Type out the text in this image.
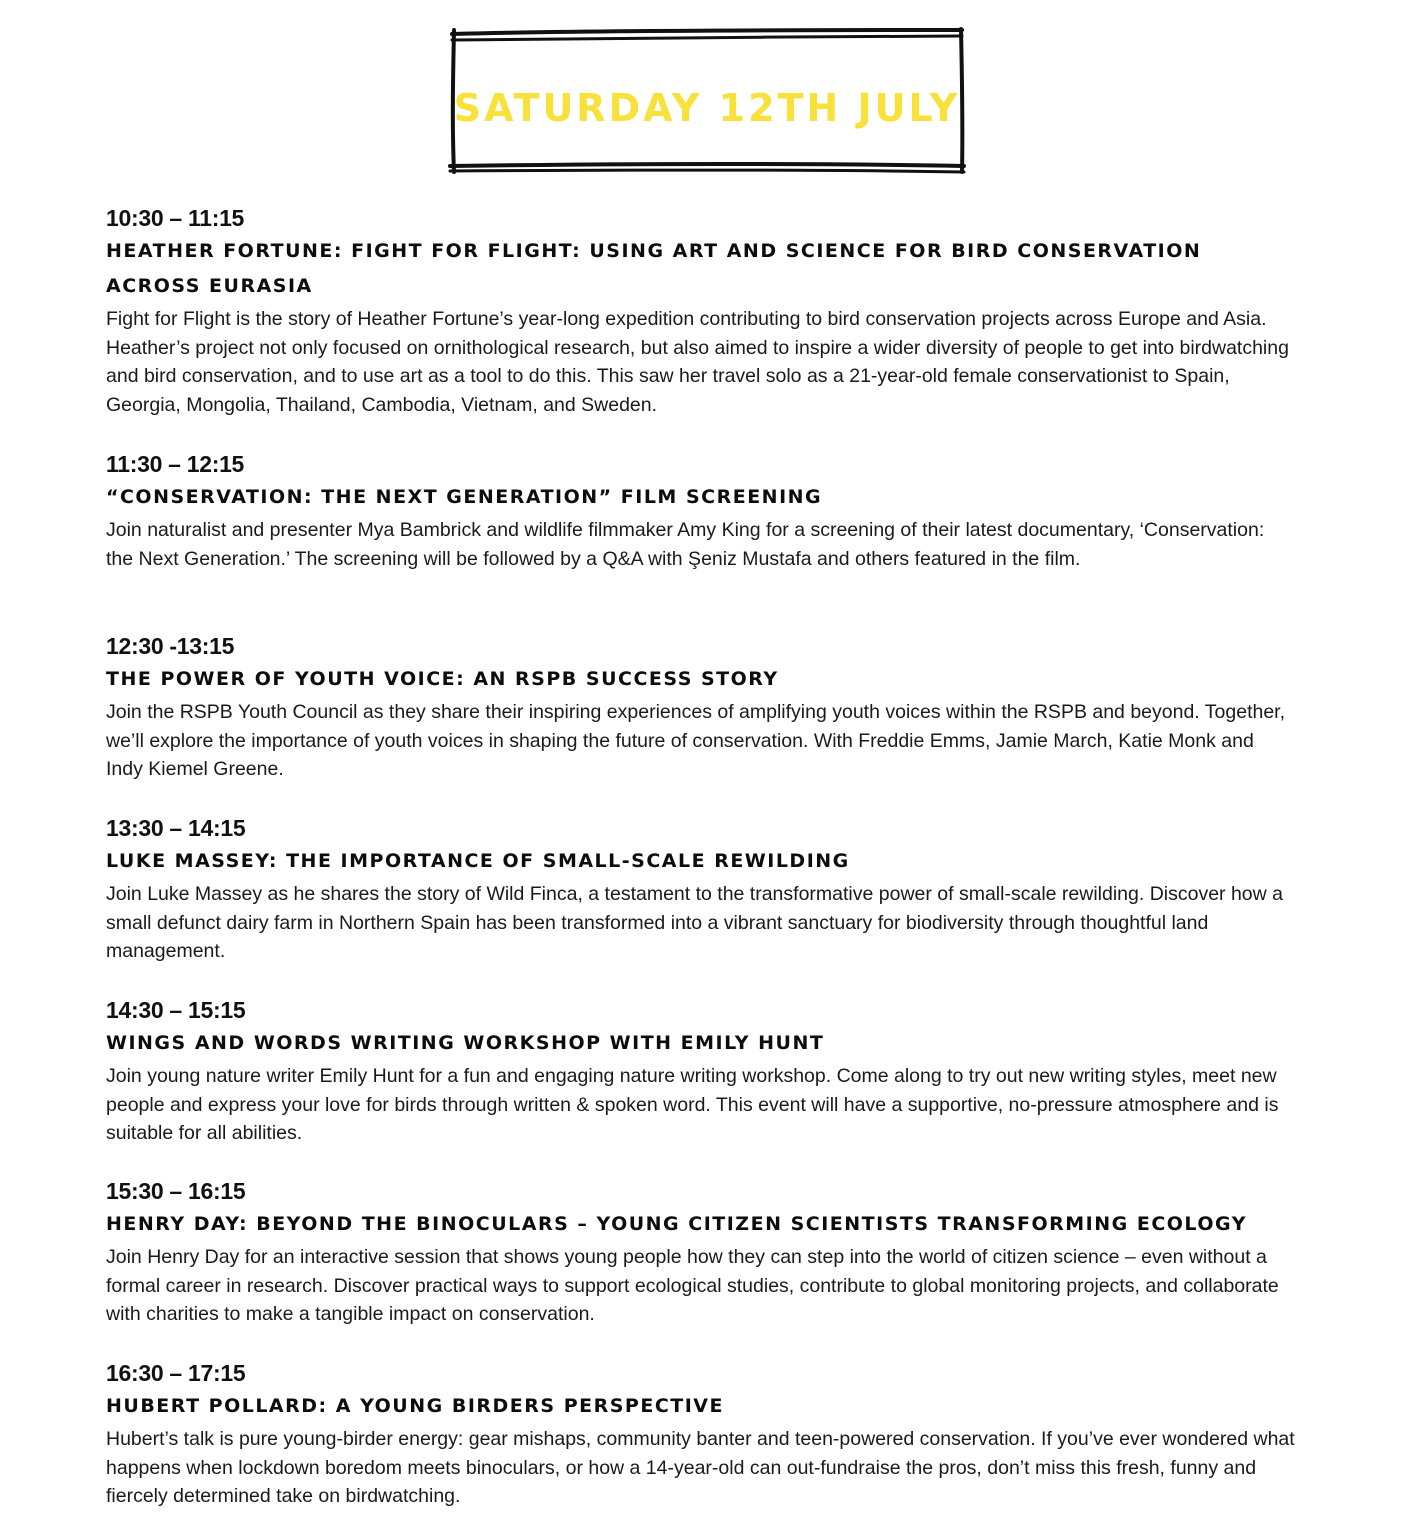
SATURDAY 12TH JULY
10:30 – 11:15
HEATHER FORTUNE: FIGHT FOR FLIGHT: USING ART AND SCIENCE FOR BIRD CONSERVATION ACROSS EURASIA
Fight for Flight is the story of Heather Fortune’s year-long expedition contributing to bird conservation projects across Europe and Asia. Heather’s project not only focused on ornithological research, but also aimed to inspire a wider diversity of people to get into birdwatching and bird conservation, and to use art as a tool to do this. This saw her travel solo as a 21-year-old female conservationist to Spain, Georgia, Mongolia, Thailand, Cambodia, Vietnam, and Sweden.
11:30 – 12:15
“CONSERVATION: THE NEXT GENERATION” FILM SCREENING
Join naturalist and presenter Mya Bambrick and wildlife filmmaker Amy King for a screening of their latest documentary, ‘Conservation: the Next Generation.’ The screening will be followed by a Q&A with Şeniz Mustafa and others featured in the film.
12:30 -13:15
THE POWER OF YOUTH VOICE: AN RSPB SUCCESS STORY
Join the RSPB Youth Council as they share their inspiring experiences of amplifying youth voices within the RSPB and beyond. Together, we’ll explore the importance of youth voices in shaping the future of conservation. With Freddie Emms, Jamie March, Katie Monk and Indy Kiemel Greene.
13:30 – 14:15
LUKE MASSEY: THE IMPORTANCE OF SMALL-SCALE REWILDING
Join Luke Massey as he shares the story of Wild Finca, a testament to the transformative power of small-scale rewilding. Discover how a small defunct dairy farm in Northern Spain has been transformed into a vibrant sanctuary for biodiversity through thoughtful land management.
14:30 – 15:15
WINGS AND WORDS WRITING WORKSHOP WITH EMILY HUNT
Join young nature writer Emily Hunt for a fun and engaging nature writing workshop. Come along to try out new writing styles, meet new people and express your love for birds through written & spoken word. This event will have a supportive, no-pressure atmosphere and is suitable for all abilities.
15:30 – 16:15
HENRY DAY: BEYOND THE BINOCULARS – YOUNG CITIZEN SCIENTISTS TRANSFORMING ECOLOGY
Join Henry Day for an interactive session that shows young people how they can step into the world of citizen science – even without a formal career in research. Discover practical ways to support ecological studies, contribute to global monitoring projects, and collaborate with charities to make a tangible impact on conservation.
16:30 – 17:15
HUBERT POLLARD: A YOUNG BIRDERS PERSPECTIVE
Hubert’s talk is pure young-birder energy: gear mishaps, community banter and teen-powered conservation. If you’ve ever wondered what happens when lockdown boredom meets binoculars, or how a 14-year-old can out-fundraise the pros, don’t miss this fresh, funny and fiercely determined take on birdwatching.
